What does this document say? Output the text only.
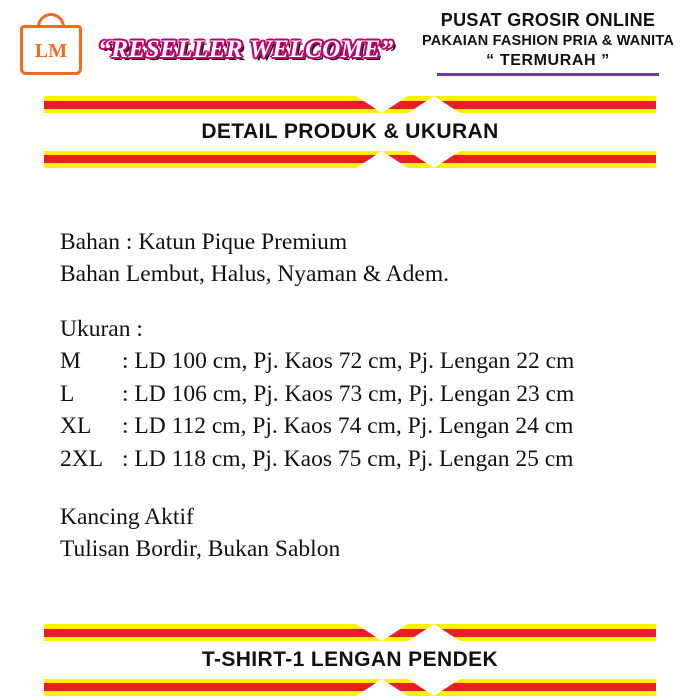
LM “RESELLER WELCOME”
PUSAT GROSIR ONLINE
PAKAIAN FASHION PRIA & WANITA
“ TERMURAH ”
DETAIL PRODUK & UKURAN
Bahan : Katun Pique Premium
Bahan Lembut, Halus, Nyaman & Adem.
Ukuran :
M	: LD 100 cm, Pj. Kaos 72 cm, Pj. Lengan 22 cm
L	: LD 106 cm, Pj. Kaos 73 cm, Pj. Lengan 23 cm
XL	: LD 112 cm, Pj. Kaos 74 cm, Pj. Lengan 24 cm
2XL : LD 118 cm, Pj. Kaos 75 cm, Pj. Lengan 25 cm
Kancing Aktif
Tulisan Bordir, Bukan Sablon
T-SHIRT-1 LENGAN PENDEK
